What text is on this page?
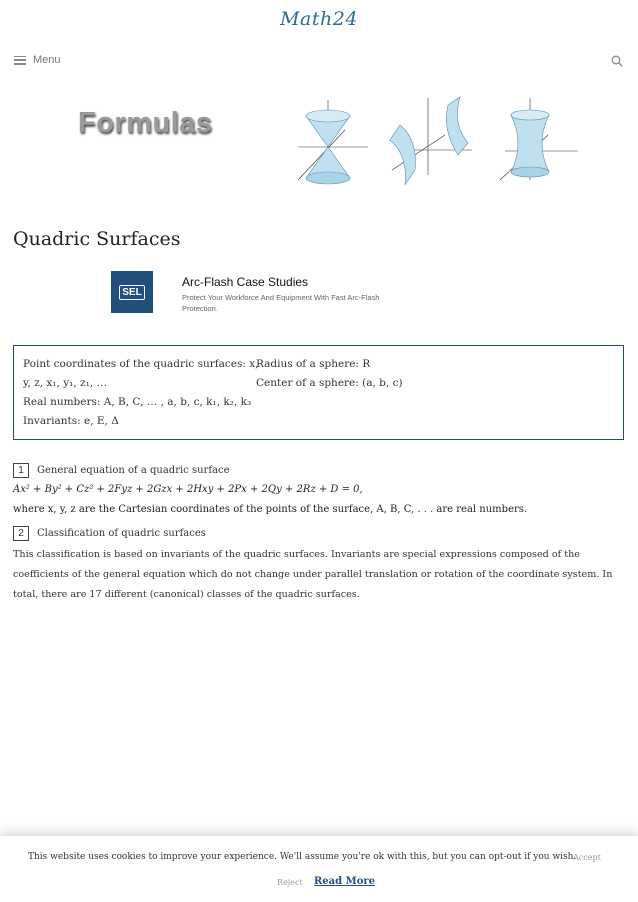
Math24
Menu
Formulas
Quadric Surfaces
SEL
Arc-Flash Case Studies
Protect Your Workforce And Equipment With Fast Arc-Flash Protection.
Point coordinates of the quadric surfaces: x,
y, z, x₁, y₁, z₁, …
Real numbers: A, B, C, … , a, b, c, k₁, k₂, k₃
Invariants: e, E, Δ
Radius of a sphere: R
Center of a sphere: (a, b, c)
1	General equation of a quadric surface
Ax² + By² + Cz² + 2Fyz + 2Gzx + 2Hxy + 2Px + 2Qy + 2Rz + D = 0,
where x, y, z are the Cartesian coordinates of the points of the surface, A, B, C, . . . are real numbers.
2	Classification of quadric surfaces
This classification is based on invariants of the quadric surfaces. Invariants are special expressions composed of the coefficients of the general equation which do not change under parallel translation or rotation of the coordinate system. In total, there are 17 different (canonical) classes of the quadric surfaces.
This website uses cookies to improve your experience. We'll assume you're ok with this, but you can opt-out if you wish.
Accept
Reject Read More
